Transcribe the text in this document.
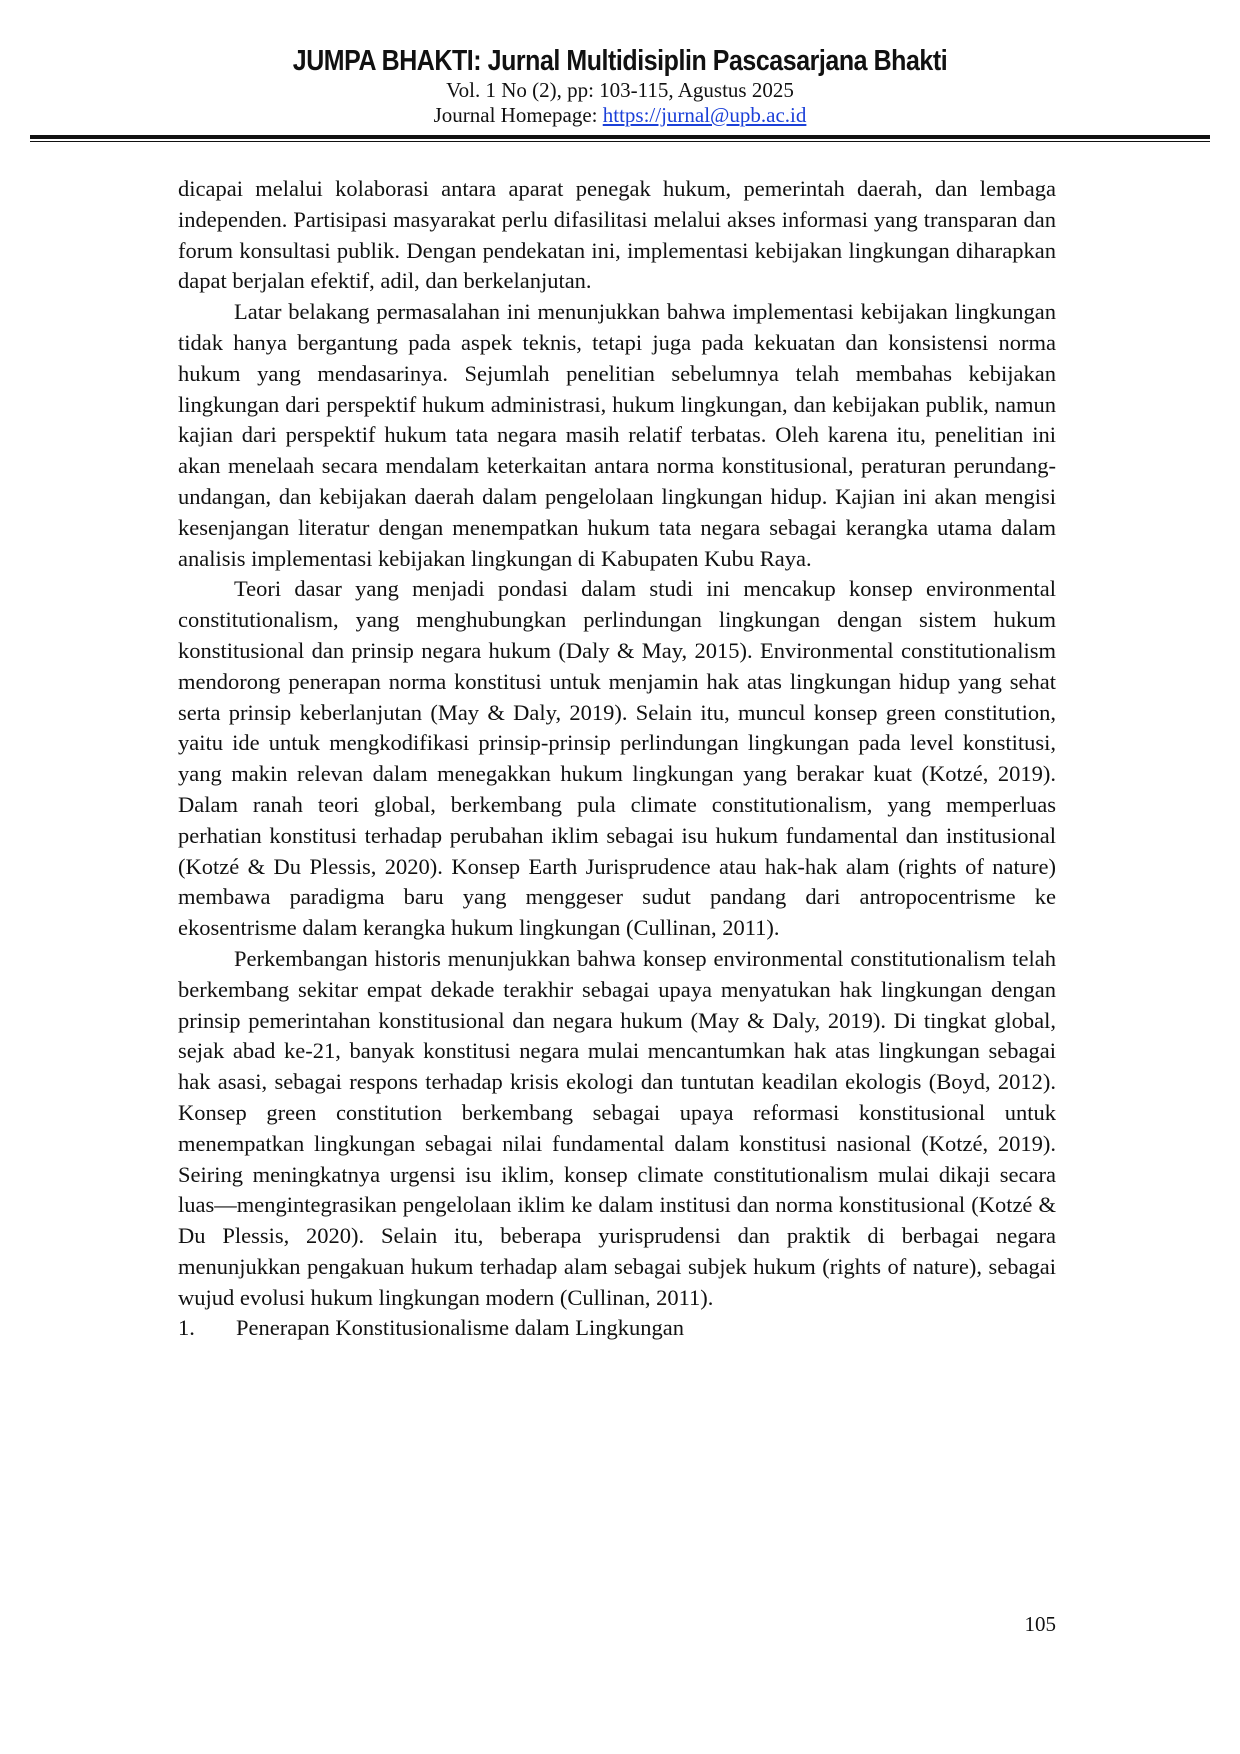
JUMPA BHAKTI: Jurnal Multidisiplin Pascasarjana Bhakti

Vol. 1 No (2), pp: 103-115, Agustus 2025

Journal Homepage: https://jurnal@upb.ac.id

dicapai melalui kolaborasi antara aparat penegak hukum, pemerintah daerah, dan lembaga independen. Partisipasi masyarakat perlu difasilitasi melalui akses informasi yang transparan dan forum konsultasi publik. Dengan pendekatan ini, implementasi kebijakan lingkungan diharapkan dapat berjalan efektif, adil, dan berkelanjutan.

Latar belakang permasalahan ini menunjukkan bahwa implementasi kebijakan lingkungan tidak hanya bergantung pada aspek teknis, tetapi juga pada kekuatan dan konsistensi norma hukum yang mendasarinya. Sejumlah penelitian sebelumnya telah membahas kebijakan lingkungan dari perspektif hukum administrasi, hukum lingkungan, dan kebijakan publik, namun kajian dari perspektif hukum tata negara masih relatif terbatas. Oleh karena itu, penelitian ini akan menelaah secara mendalam keterkaitan antara norma konstitusional, peraturan perundang-undangan, dan kebijakan daerah dalam pengelolaan lingkungan hidup. Kajian ini akan mengisi kesenjangan literatur dengan menempatkan hukum tata negara sebagai kerangka utama dalam analisis implementasi kebijakan lingkungan di Kabupaten Kubu Raya.

Teori dasar yang menjadi pondasi dalam studi ini mencakup konsep environmental constitutionalism, yang menghubungkan perlindungan lingkungan dengan sistem hukum konstitusional dan prinsip negara hukum (Daly & May, 2015). Environmental constitutionalism mendorong penerapan norma konstitusi untuk menjamin hak atas lingkungan hidup yang sehat serta prinsip keberlanjutan (May & Daly, 2019). Selain itu, muncul konsep green constitution, yaitu ide untuk mengkodifikasi prinsip-prinsip perlindungan lingkungan pada level konstitusi, yang makin relevan dalam menegakkan hukum lingkungan yang berakar kuat (Kotzé, 2019). Dalam ranah teori global, berkembang pula climate constitutionalism, yang memperluas perhatian konstitusi terhadap perubahan iklim sebagai isu hukum fundamental dan institusional (Kotzé & Du Plessis, 2020). Konsep Earth Jurisprudence atau hak-hak alam (rights of nature) membawa paradigma baru yang menggeser sudut pandang dari antropocentrisme ke ekosentrisme dalam kerangka hukum lingkungan (Cullinan, 2011).

Perkembangan historis menunjukkan bahwa konsep environmental constitutionalism telah berkembang sekitar empat dekade terakhir sebagai upaya menyatukan hak lingkungan dengan prinsip pemerintahan konstitusional dan negara hukum (May & Daly, 2019). Di tingkat global, sejak abad ke-21, banyak konstitusi negara mulai mencantumkan hak atas lingkungan sebagai hak asasi, sebagai respons terhadap krisis ekologi dan tuntutan keadilan ekologis (Boyd, 2012). Konsep green constitution berkembang sebagai upaya reformasi konstitusional untuk menempatkan lingkungan sebagai nilai fundamental dalam konstitusi nasional (Kotzé, 2019). Seiring meningkatnya urgensi isu iklim, konsep climate constitutionalism mulai dikaji secara luas—mengintegrasikan pengelolaan iklim ke dalam institusi dan norma konstitusional (Kotzé & Du Plessis, 2020). Selain itu, beberapa yurisprudensi dan praktik di berbagai negara menunjukkan pengakuan hukum terhadap alam sebagai subjek hukum (rights of nature), sebagai wujud evolusi hukum lingkungan modern (Cullinan, 2011).

1.	Penerapan Konstitusionalisme dalam Lingkungan
105
